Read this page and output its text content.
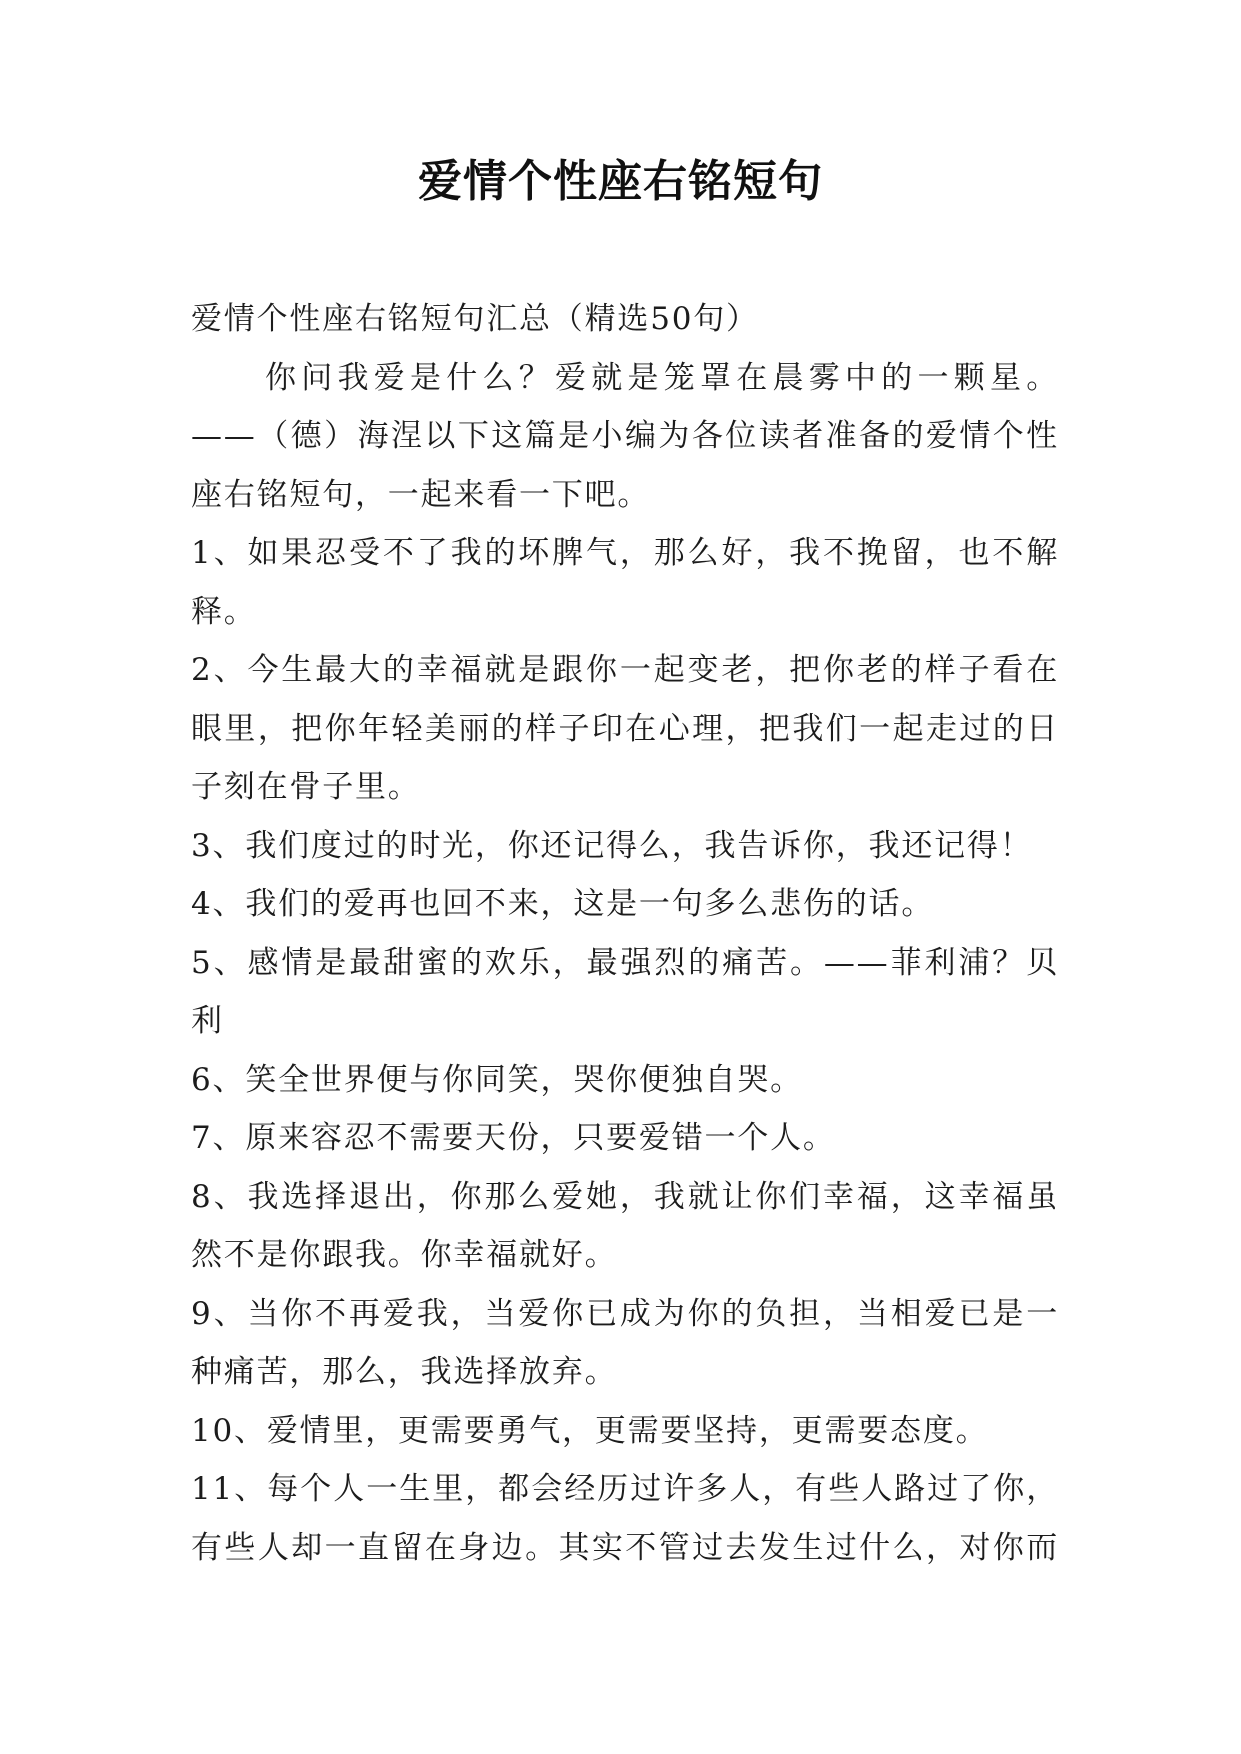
爱情个性座右铭短句
爱情个性座右铭短句汇总（精选50句）
你问我爱是什么？爱就是笼罩在晨雾中的一颗星。
——（德）海涅以下这篇是小编为各位读者准备的爱情个性
座右铭短句，一起来看一下吧。
1、如果忍受不了我的坏脾气，那么好，我不挽留，也不解
释。
2、今生最大的幸福就是跟你一起变老，把你老的样子看在
眼里，把你年轻美丽的样子印在心理，把我们一起走过的日
子刻在骨子里。
3、我们度过的时光，你还记得么，我告诉你，我还记得！
4、我们的爱再也回不来，这是一句多么悲伤的话。
5、感情是最甜蜜的欢乐，最强烈的痛苦。——菲利浦？贝
利
6、笑全世界便与你同笑，哭你便独自哭。
7、原来容忍不需要天份，只要爱错一个人。
8、我选择退出，你那么爱她，我就让你们幸福，这幸福虽
然不是你跟我。你幸福就好。
9、当你不再爱我，当爱你已成为你的负担，当相爱已是一
种痛苦，那么，我选择放弃。
10、爱情里，更需要勇气，更需要坚持，更需要态度。
11、每个人一生里，都会经历过许多人，有些人路过了你，
有些人却一直留在身边。其实不管过去发生过什么，对你而
